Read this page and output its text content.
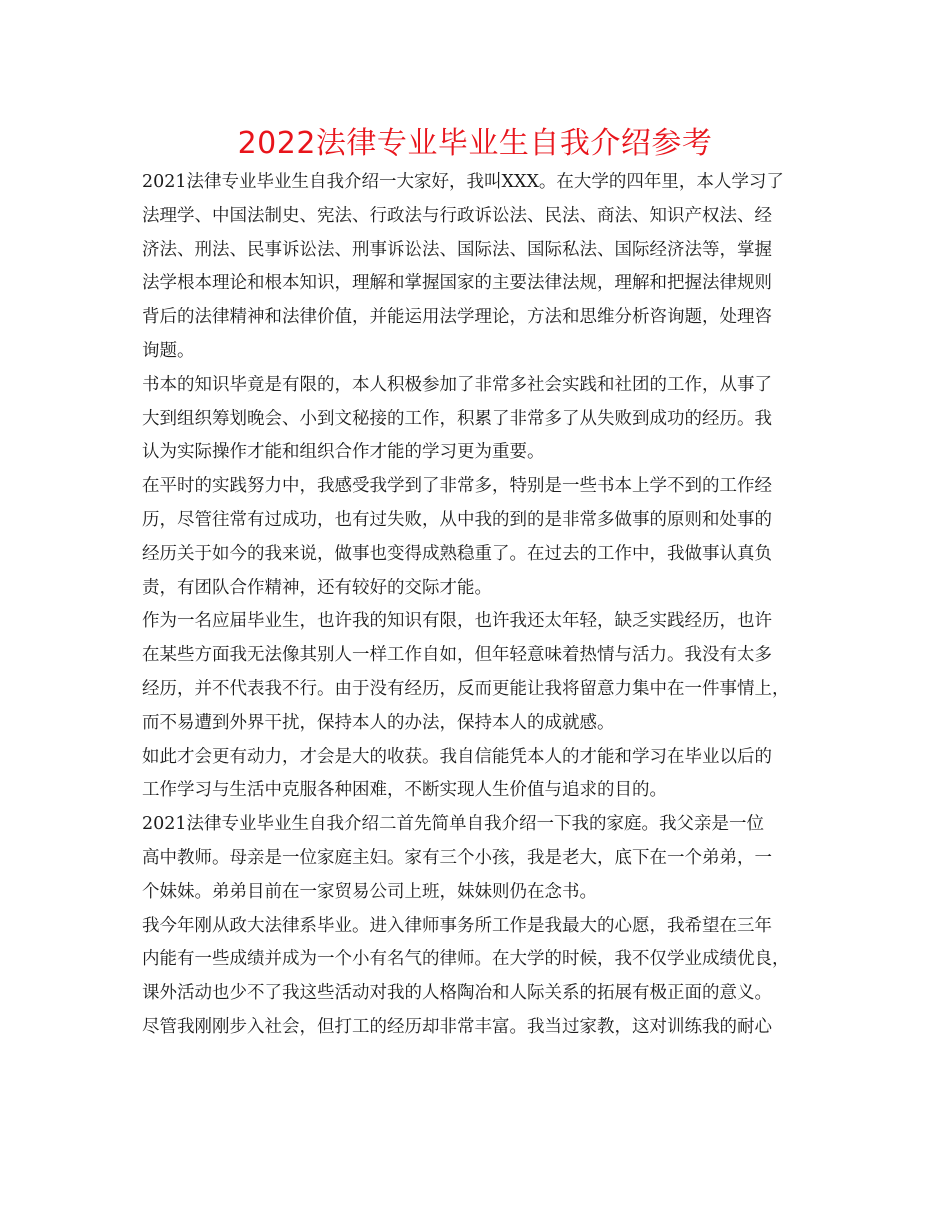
2022法律专业毕业生自我介绍参考
2021法律专业毕业生自我介绍一大家好，我叫XXX。在大学的四年里，本人学习了
法理学、中国法制史、宪法、行政法与行政诉讼法、民法、商法、知识产权法、经
济法、刑法、民事诉讼法、刑事诉讼法、国际法、国际私法、国际经济法等，掌握
法学根本理论和根本知识，理解和掌握国家的主要法律法规，理解和把握法律规则
背后的法律精神和法律价值，并能运用法学理论，方法和思维分析咨询题，处理咨
询题。
书本的知识毕竟是有限的，本人积极参加了非常多社会实践和社团的工作，从事了
大到组织筹划晚会、小到文秘接的工作，积累了非常多了从失败到成功的经历。我
认为实际操作才能和组织合作才能的学习更为重要。
在平时的实践努力中，我感受我学到了非常多，特别是一些书本上学不到的工作经
历，尽管往常有过成功，也有过失败，从中我的到的是非常多做事的原则和处事的
经历关于如今的我来说，做事也变得成熟稳重了。在过去的工作中，我做事认真负
责，有团队合作精神，还有较好的交际才能。
作为一名应届毕业生，也许我的知识有限，也许我还太年轻，缺乏实践经历，也许
在某些方面我无法像其别人一样工作自如，但年轻意味着热情与活力。我没有太多
经历，并不代表我不行。由于没有经历，反而更能让我将留意力集中在一件事情上，
而不易遭到外界干扰，保持本人的办法，保持本人的成就感。
如此才会更有动力，才会是大的收获。我自信能凭本人的才能和学习在毕业以后的
工作学习与生活中克服各种困难，不断实现人生价值与追求的目的。
2021法律专业毕业生自我介绍二首先简单自我介绍一下我的家庭。我父亲是一位
高中教师。母亲是一位家庭主妇。家有三个小孩，我是老大，底下在一个弟弟，一
个妹妹。弟弟目前在一家贸易公司上班，妹妹则仍在念书。
我今年刚从政大法律系毕业。进入律师事务所工作是我最大的心愿，我希望在三年
内能有一些成绩并成为一个小有名气的律师。在大学的时候，我不仅学业成绩优良，
课外活动也少不了我这些活动对我的人格陶冶和人际关系的拓展有极正面的意义。
尽管我刚刚步入社会，但打工的经历却非常丰富。我当过家教，这对训练我的耐心
